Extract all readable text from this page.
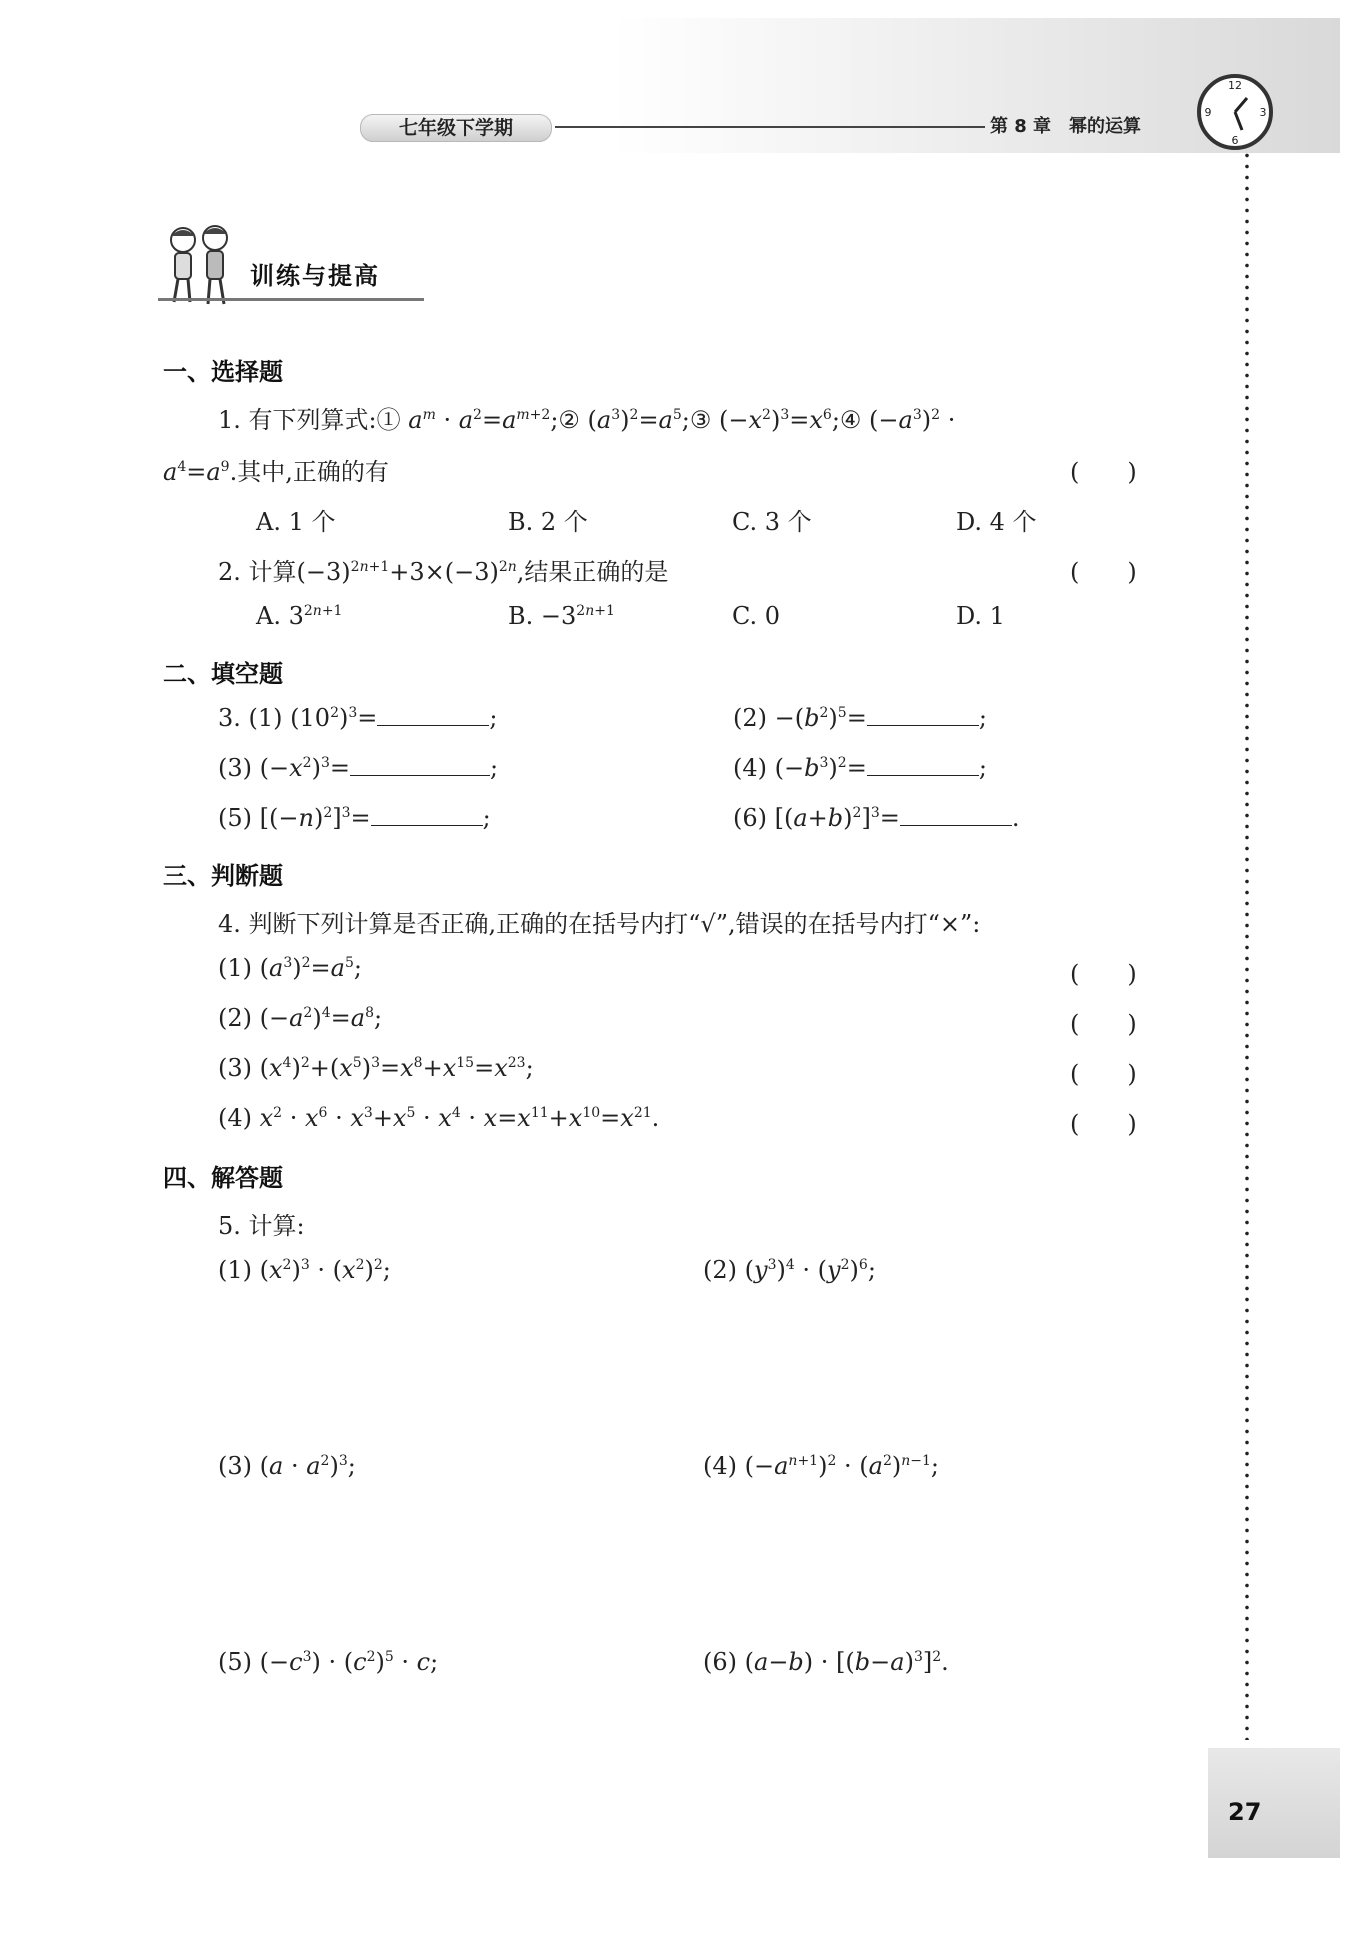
七年级下学期	第 8 章　幂的运算
12
3
6
9
27
训练与提高
一、选择题
1. 有下列算式:① $a^m$ · $a^2=a^{m+2};②$ $(a^3)^2=a^5;③$ $(-x^2)^3=x^6;④$ $(-a^3)^2$ ·
$a^4=a^9$.其中,正确的有	(　　)
A. 1 个	B. 2 个	C. 3 个	D. 4 个
2. 计算$(-3)^{2n+1}+3\times(-3)^{2n}$,结果正确的是	(　　)
A. $3^{2n+1}$	B. $-3^{2n+1}$	C. 0	D. 1
二、填空题
3. (1) $(10^2)^3=$	;	$(2) -(b^2)^5=$	;
(3) $(-x^2)^3=$	;	(4) $(-b^3)^2=$	;
(5) $[(-n)^2]^3=$	;	(6) $[(a+b)^2]^3=$	.
三、判断题
4. 判断下列计算是否正确,正确的在括号内打“√”,错误的在括号内打“×”:
(1) $(a^3)^2=a^5$;	(　　)
(2) $(-a^2)^4=a^8$;	(　　)
(3) $(x^4)^2+(x^5)^3=x^8+x^{15}=x^{23}$;	(　　)
(4) $x^2 \cdot x^6 \cdot x^3+x^5 \cdot x^4 \cdot x=x^{11}+x^{10}=x^{21}$.	(　　)
四、解答题
5. 计算:
(1) $(x^2)^3 \cdot (x^2)^2$;	(2) $(y^3)^4 \cdot (y^2)^6$;
(3) $(a \cdot a^2)^3$;	(4) $(-a^{n+1})^2 \cdot (a^2)^{n-1}$;
(5) $(-c^3) \cdot (c^2)^5 \cdot c$;	(6) $(a-b) \cdot [(b-a)^3]^2$.
